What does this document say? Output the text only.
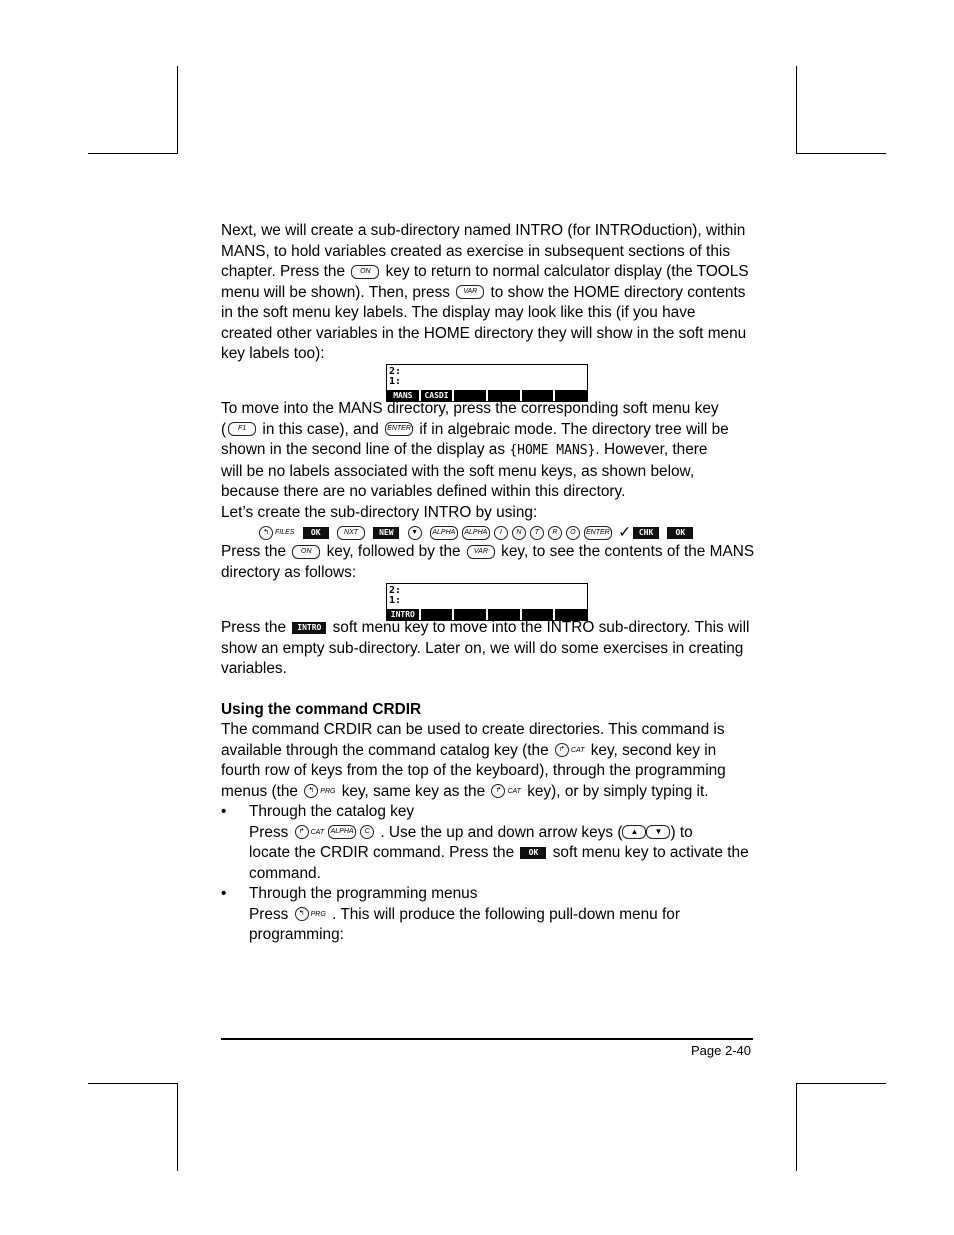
Next, we will create a sub-directory named INTRO (for INTROduction), within

MANS, to hold variables created as exercise in subsequent sections of this

chapter. Press the ON key to return to normal calculator display (the TOOLS

menu will be shown). Then, press VAR to show the HOME directory contents

in the soft menu key labels. The display may look like this (if you have

created other variables in the HOME directory they will show in the soft menu

key labels too):

2:
1:
MANS	CASDI

To move into the MANS directory, press the corresponding soft menu key

( F1 in this case), and ENTER if in algebraic mode. The directory tree will be

shown in the second line of the display as {HOME MANS}. However, there

will be no labels associated with the soft menu keys, as shown below,

because there are no variables defined within this directory.

Let’s create the sub-directory INTRO by using:

↰ $^{FILES}$ OK	NXT	NEW	▼ ALPHA ALPHA I N T R O ENTER ✓ CHK	OK

Press the ON key, followed by the VAR key, to see the contents of the MANS

directory as follows:

2:
1:
INTRO

Press the INTRO soft menu key to move into the INTRO sub-directory. This will

show an empty sub-directory. Later on, we will do some exercises in creating

variables.

Using the command CRDIR

The command CRDIR can be used to create directories. This command is

available through the command catalog key (the ↱ $^{CAT}$ key, second key in

fourth row of keys from the top of the keyboard), through the programming

menus (the ↰ $^{PRG}$ key, same key as the ↱ $^{CAT}$ key), or by simply typing it.

• Through the catalog key

Press ↱ $^{CAT}$ ALPHA C . Use the up and down arrow keys ( ▲ ▼ ) to

locate the CRDIR command. Press the OK soft menu key to activate the

command.

• Through the programming menus

Press ↰ $^{PRG}$ . This will produce the following pull-down menu for

programming:

Page 2-40
